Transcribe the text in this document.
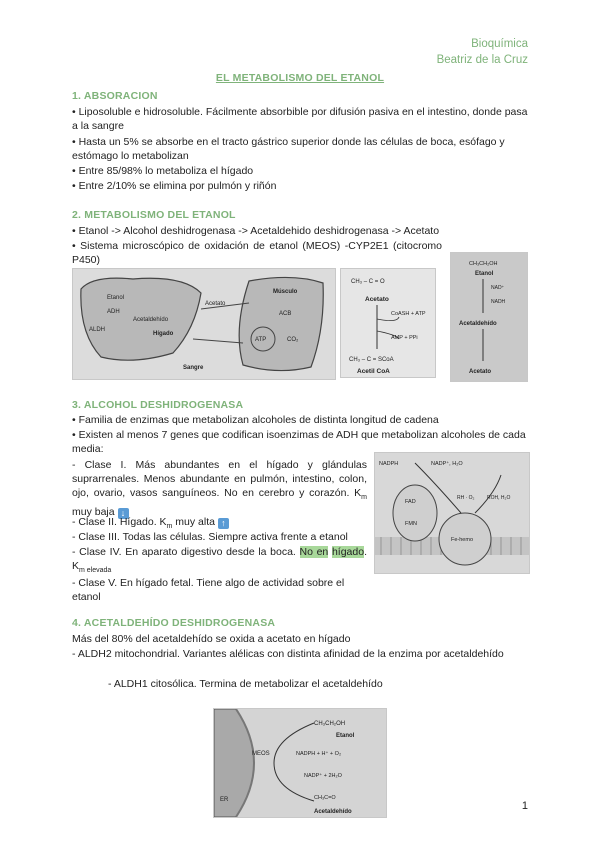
Bioquímica
Beatriz de la Cruz
EL METABOLISMO DEL ETANOL
1. ABSORACION
• Liposoluble e hidrosoluble. Fácilmente absorbible por difusión pasiva en el intestino, donde pasa a la sangre
• Hasta un 5% se absorbe en el tracto gástrico superior donde las células de boca, esófago y estómago lo metabolizan
• Entre 85/98% lo metaboliza el hígado
• Entre 2/10% se elimina por pulmón y riñón
2. METABOLISMO DEL ETANOL
• Etanol -> Alcohol deshidrogenasa -> Acetaldehido deshidrogenasa -> Acetato
• Sistema microscópico de oxidación de etanol (MEOS) -CYP2E1 (citocromo P450)
Etanol
ADH
Acetaldehído
ALDH
Hígado
Acetato
Músculo
ACB
Sangre
CO₂
ATP
CH₃ – C = O
Acetato
CoASH + ATP
AMP + PPi
CH₃ – C = SCoA
Acetil CoA
CH₃CH₂OH
Etanol
NAD⁺
NADH
Acetaldehído
Acetato
3. ALCOHOL DESHIDROGENASA
• Familia de enzimas que metabolizan alcoholes de distinta longitud de cadena
• Existen al menos 7 genes que codifican isoenzimas de ADH que metabolizan alcoholes de cada media:
- Clase I. Más abundantes en el hígado y glándulas suprarrenales. Menos abundante en pulmón, intestino, colon, ojo, ovario, vasos sanguíneos. No en cerebro y corazón. $K_m$ muy baja ↓
- Clase II. Hígado. $K_m$ muy alta ↑
- Clase III. Todas las células. Siempre activa frente a etanol
- Clase IV. En aparato digestivo desde la boca. No en hígado. $K_{m elevada}$
- Clase V. En hígado fetal. Tiene algo de actividad sobre el etanol
NADPH	NADP⁺, H₂O
FAD
FMN
Fe-hemo
RH · O₂	ROH, H₂O
4. ACETALDEHÍDO DESHIDROGENASA
Más del 80% del acetaldehído se oxida a acetato en hígado
- ALDH2 mitochondrial. Variantes alélicas con distinta afinidad de la enzima por acetaldehído
- ALDH1 citosólica. Termina de metabolizar el acetaldehído
MEOS
ER
CH₃CH₂OH
Etanol
NADPH + H⁺ + O₂
NADP⁺ + 2H₂O
CH₃C=O
Acetaldehído	1
